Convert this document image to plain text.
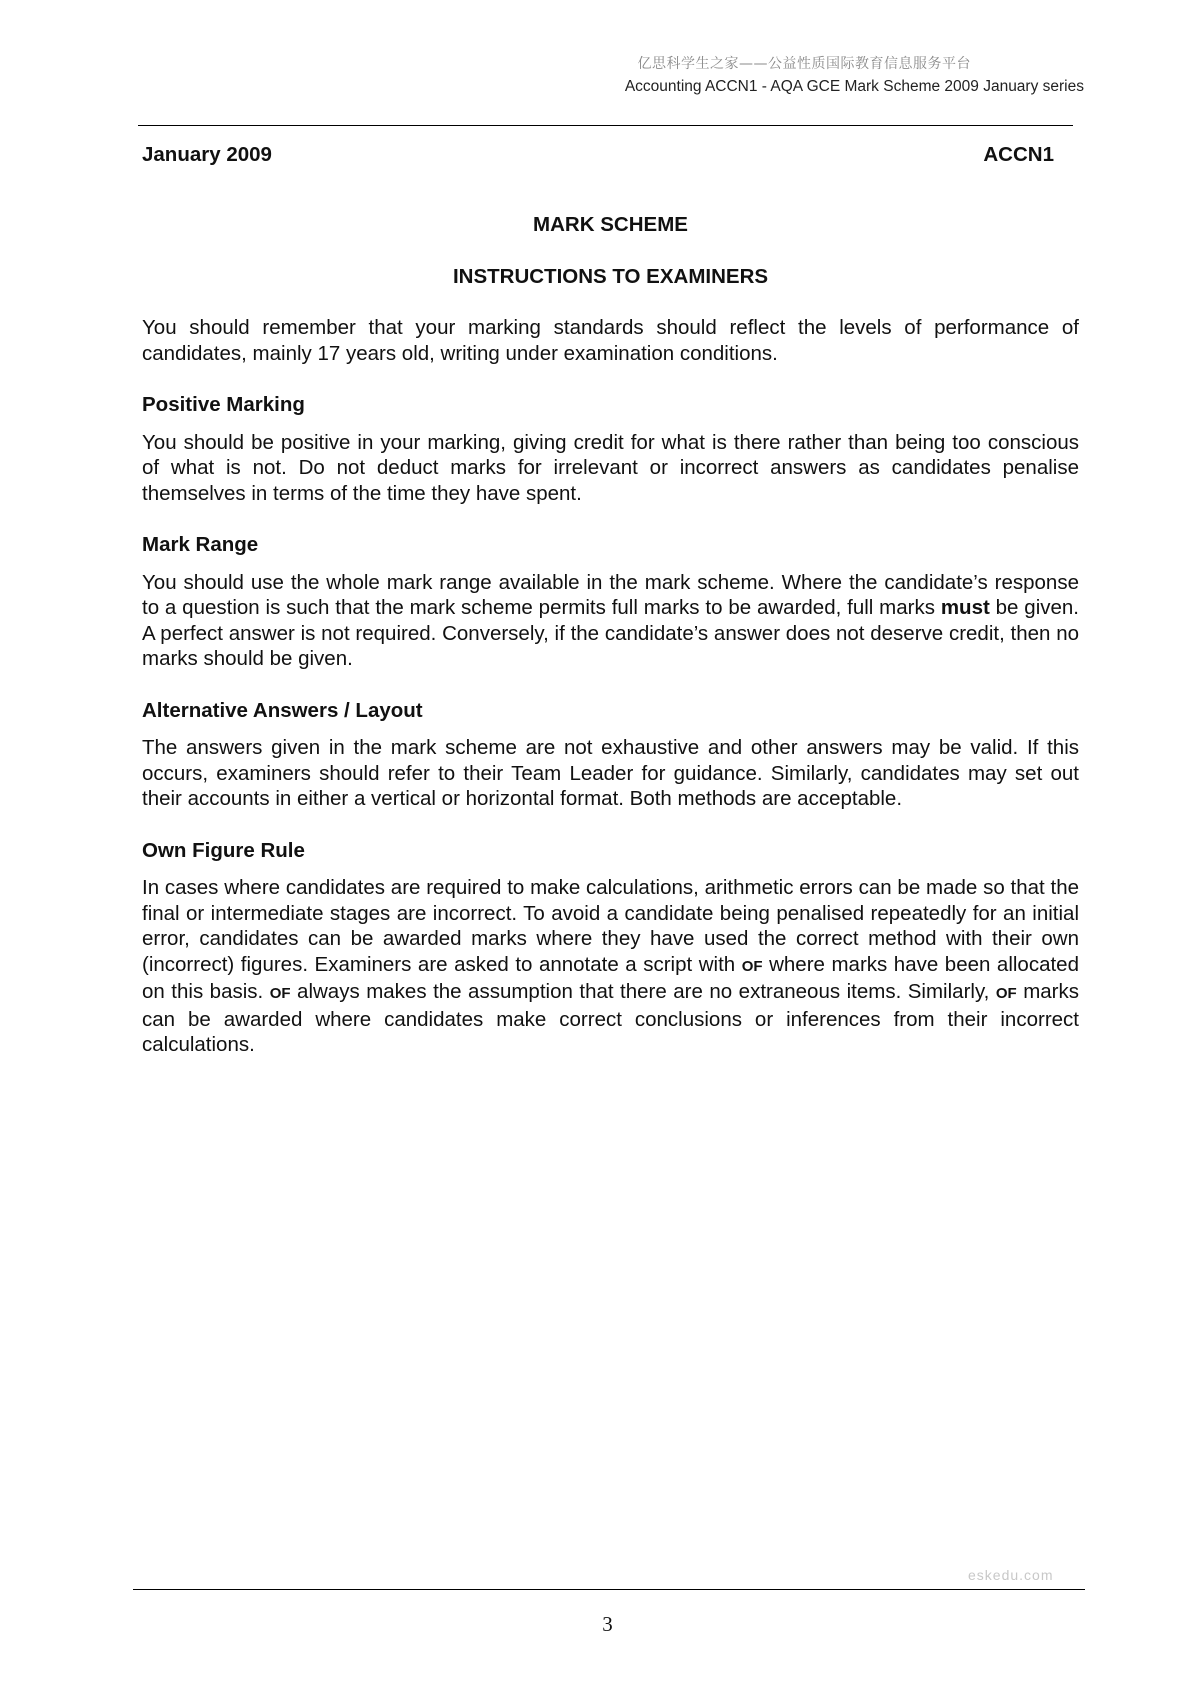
亿思科学生之家——公益性质国际教育信息服务平台
Accounting ACCN1 - AQA GCE Mark Scheme 2009 January series
January 2009	ACCN1
MARK SCHEME
INSTRUCTIONS TO EXAMINERS

You should remember that your marking standards should reflect the levels of performance of candidates, mainly 17 years old, writing under examination conditions.

Positive Marking

You should be positive in your marking, giving credit for what is there rather than being too conscious of what is not. Do not deduct marks for irrelevant or incorrect answers as candidates penalise themselves in terms of the time they have spent.

Mark Range

You should use the whole mark range available in the mark scheme. Where the candidate’s response to a question is such that the mark scheme permits full marks to be awarded, full marks must be given. A perfect answer is not required. Conversely, if the candidate’s answer does not deserve credit, then no marks should be given.

Alternative Answers / Layout

The answers given in the mark scheme are not exhaustive and other answers may be valid. If this occurs, examiners should refer to their Team Leader for guidance. Similarly, candidates may set out their accounts in either a vertical or horizontal format. Both methods are acceptable.

Own Figure Rule

In cases where candidates are required to make calculations, arithmetic errors can be made so that the final or intermediate stages are incorrect. To avoid a candidate being penalised repeatedly for an initial error, candidates can be awarded marks where they have used the correct method with their own (incorrect) figures. Examiners are asked to annotate a script with OF where marks have been allocated on this basis. OF always makes the assumption that there are no extraneous items. Similarly, OF marks can be awarded where candidates make correct conclusions or inferences from their incorrect calculations.

eskedu.com
3
